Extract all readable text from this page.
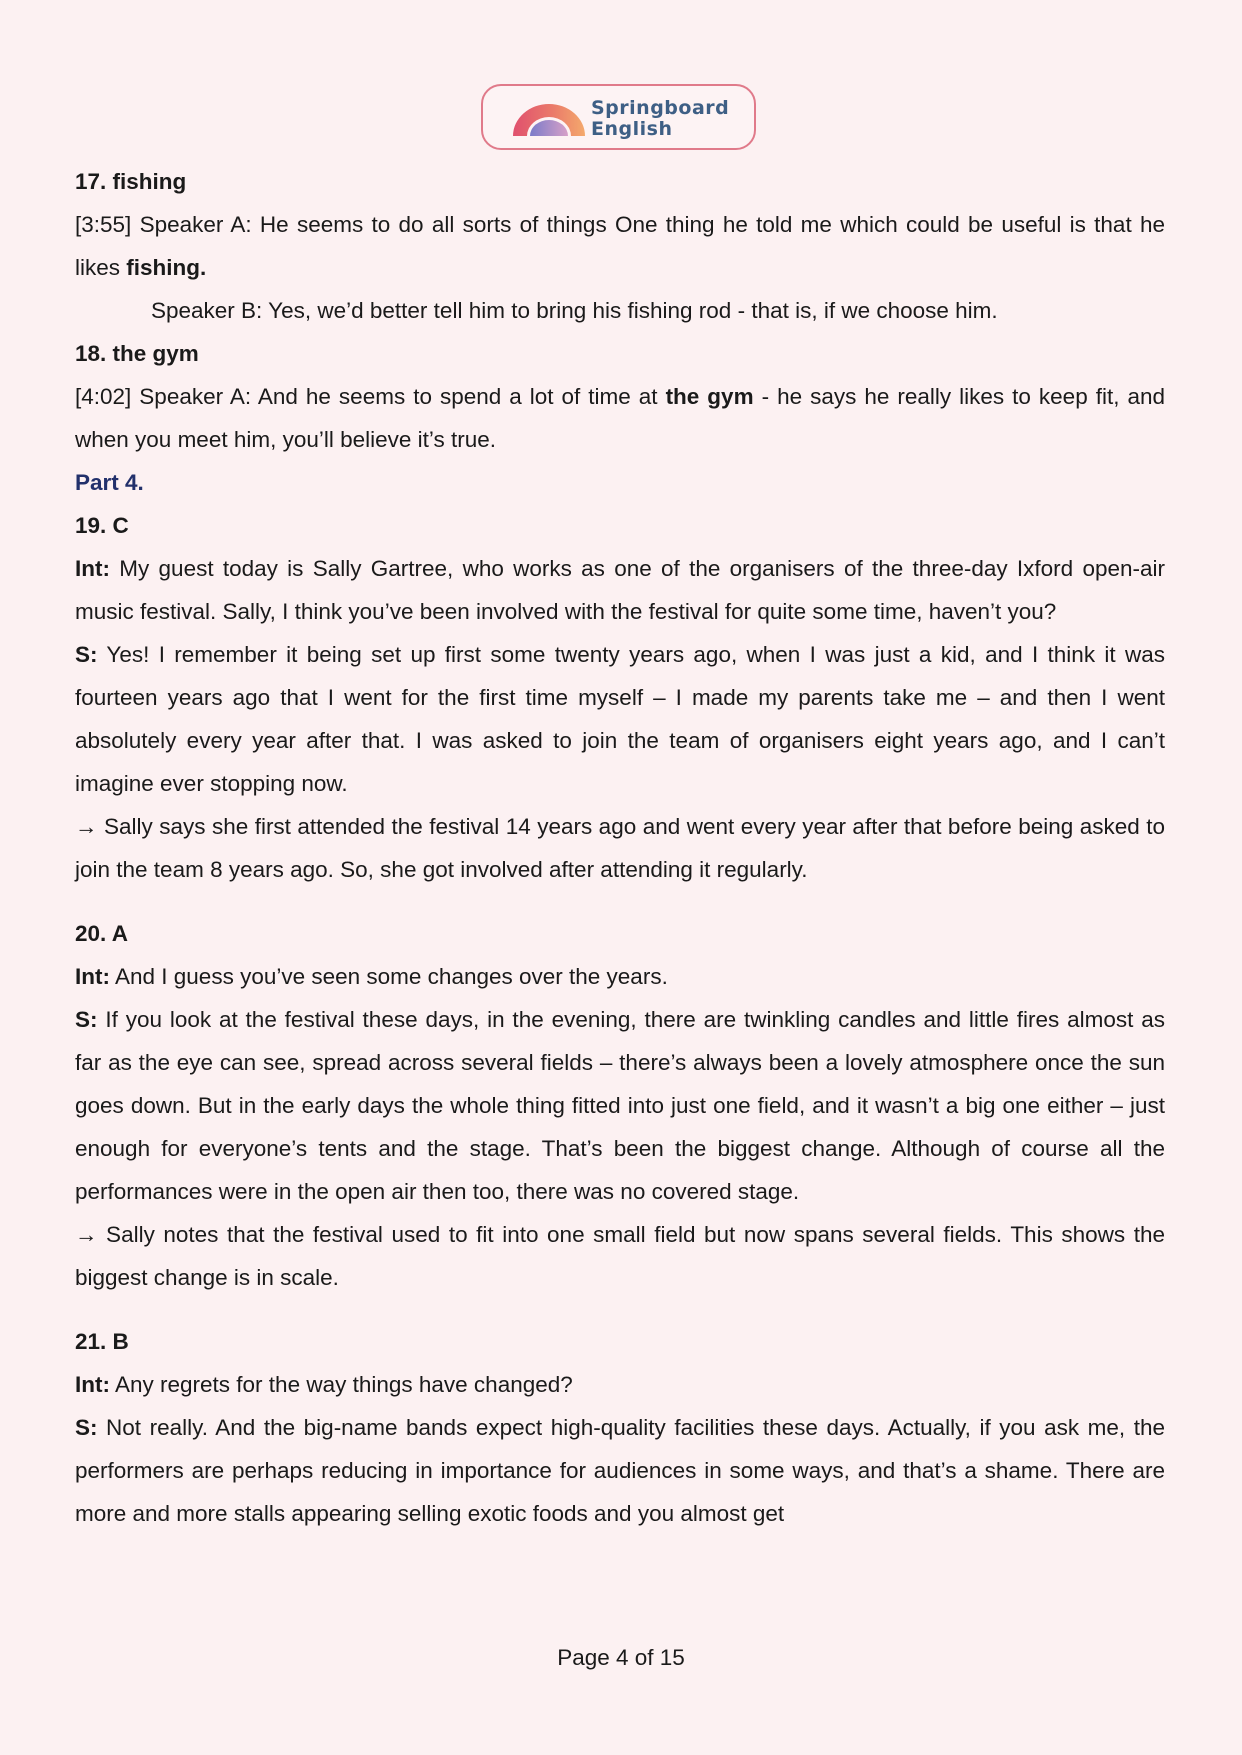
Springboard
English

17. fishing

[3:55] Speaker A: He seems to do all sorts of things One thing he told me which could be useful is that he likes fishing.

Speaker B: Yes, we’d better tell him to bring his fishing rod - that is, if we choose him.

18. the gym

[4:02] Speaker A: And he seems to spend a lot of time at the gym - he says he really likes to keep fit, and when you meet him, you’ll believe it’s true.

Part 4.

19. C

Int: My guest today is Sally Gartree, who works as one of the organisers of the three-day Ixford open-air music festival. Sally, I think you’ve been involved with the festival for quite some time, haven’t you?

S: Yes! I remember it being set up first some twenty years ago, when I was just a kid, and I think it was fourteen years ago that I went for the first time myself – I made my parents take me – and then I went absolutely every year after that. I was asked to join the team of organisers eight years ago, and I can’t imagine ever stopping now.

→ Sally says she first attended the festival 14 years ago and went every year after that before being asked to join the team 8 years ago. So, she got involved after attending it regularly.

20. A

Int: And I guess you’ve seen some changes over the years.

S: If you look at the festival these days, in the evening, there are twinkling candles and little fires almost as far as the eye can see, spread across several fields – there’s always been a lovely atmosphere once the sun goes down. But in the early days the whole thing fitted into just one field, and it wasn’t a big one either – just enough for everyone’s tents and the stage. That’s been the biggest change. Although of course all the performances were in the open air then too, there was no covered stage.

→ Sally notes that the festival used to fit into one small field but now spans several fields. This shows the biggest change is in scale.

21. B

Int: Any regrets for the way things have changed?

S: Not really. And the big-name bands expect high-quality facilities these days. Actually, if you ask me, the performers are perhaps reducing in importance for audiences in some ways, and that’s a shame. There are more and more stalls appearing selling exotic foods and you almost get

Page 4 of 15
